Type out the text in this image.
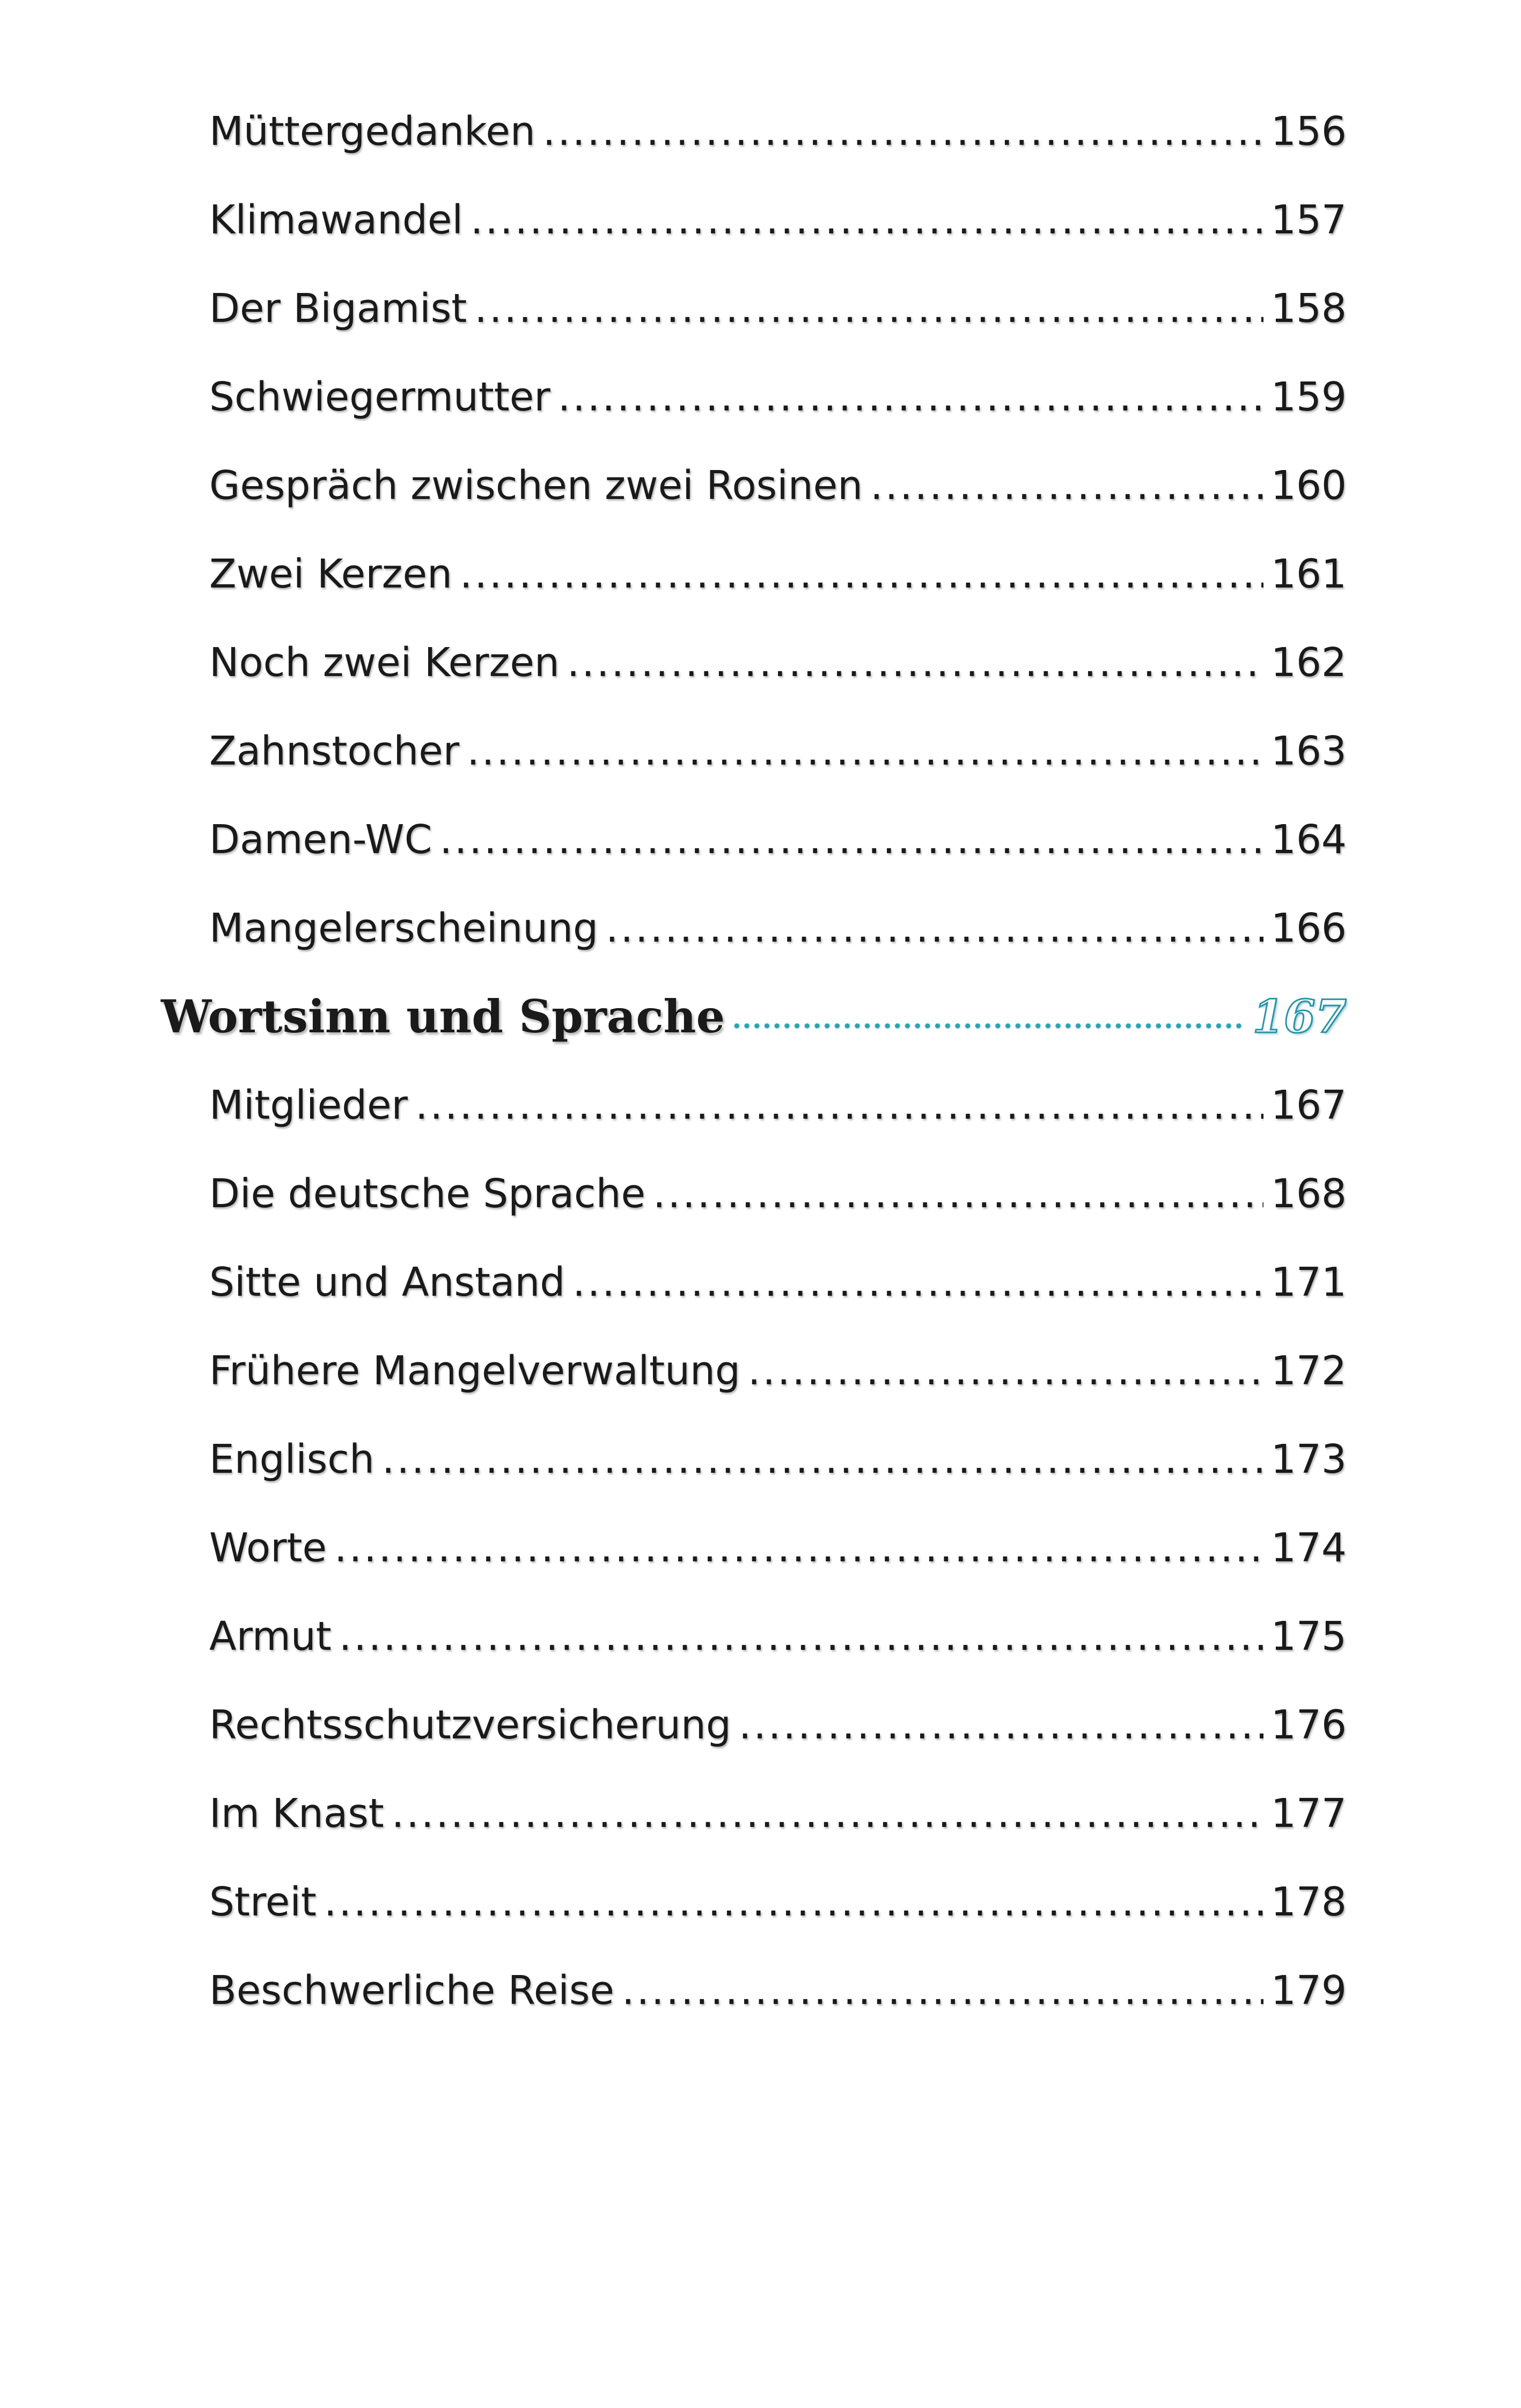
Müttergedanken .....	156
Klimawandel .....	157
Der Bigamist .....	158
Schwiegermutter .....	159
Gespräch zwischen zwei Rosinen .....	160
Zwei Kerzen .....	161
Noch zwei Kerzen .....	162
Zahnstocher .....	163
Damen-WC .....	164
Mangelerscheinung .....	166
Wortsinn und Sprache .....	167
Mitglieder .....	167
Die deutsche Sprache .....	168
Sitte und Anstand .....	171
Frühere Mangelverwaltung .....	172
Englisch .....	173
Worte .....	174
Armut .....	175
Rechtsschutzversicherung .....	176
Im Knast .....	177
Streit .....	178
Beschwerliche Reise .....	179
